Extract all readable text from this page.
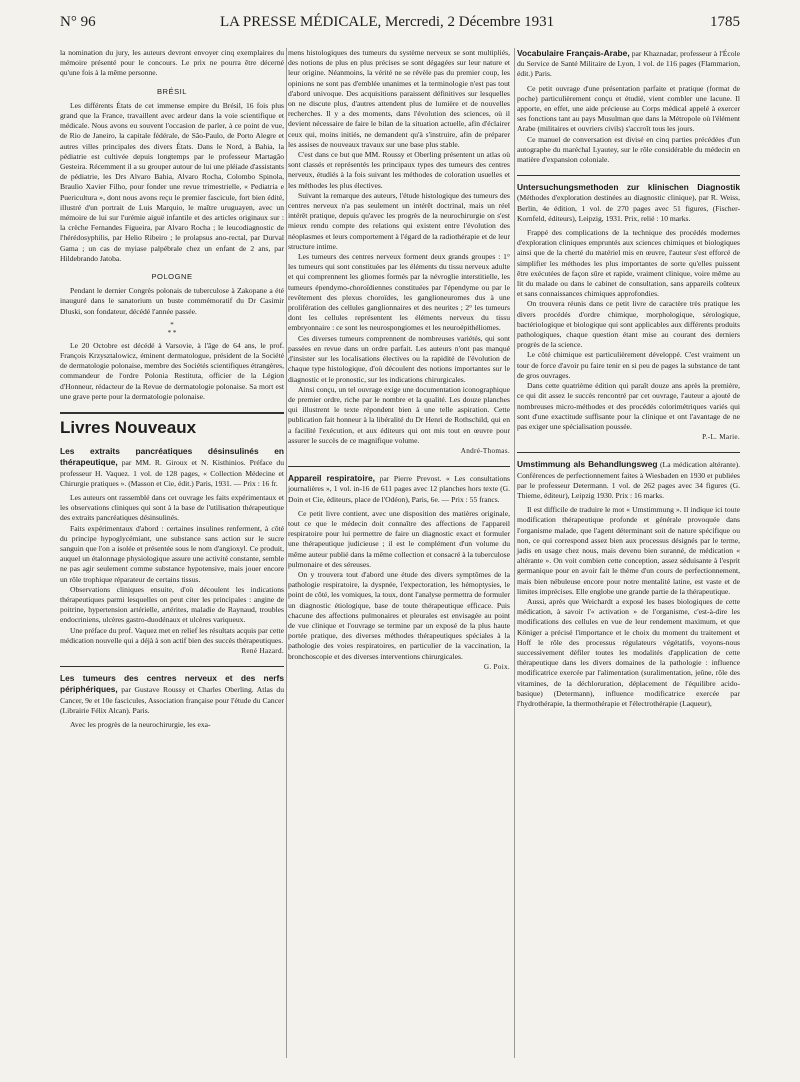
N° 96	LA PRESSE MÉDICALE, Mercredi, 2 Décembre 1931	1785

la nomination du jury, les auteurs devront envoyer cinq exemplaires du mémoire présenté pour le concours. Le prix ne pourra être décerné qu'une fois à la même personne.

BRÉSIL

Les différents États de cet immense empire du Brésil, 16 fois plus grand que la France, travaillent avec ardeur dans la voie scientifique et médicale. Nous avons eu souvent l'occasion de parler, à ce point de vue, de Rio de Janeiro, la capitale fédérale, de São-Paulo, de Porto Alegre et autres villes principales des divers États. Dans le Nord, à Bahia, la pédiatrie est cultivée depuis longtemps par le professeur Martagão Gesteira. Récemment il a su grouper autour de lui une pléiade d'assistants de pédiatrie, les Drs Alvaro Bahia, Alvaro Rocha, Colombo Spinola, Braulio Xavier Filho, pour fonder une revue trimestrielle, « Pediatria e Puericultura », dont nous avons reçu le premier fascicule, fort bien édité, illustré d'un portrait de Luis Marquio, le maître uruguayen, avec un mémoire de lui sur l'urémie aiguë infantile et des articles originaux sur : la crèche Fernandes Figueira, par Alvaro Rocha ; le leucodiagnostic de l'hérédosyphilis, par Helio Ribeiro ; le prolapsus ano-rectal, par Durval Gama ; un cas de myiase palpébrale chez un enfant de 2 ans, par Hildebrando Jatoba.

POLOGNE

Pendant le dernier Congrès polonais de tuberculose à Zakopane a été inauguré dans le sanatorium un buste commémoratif du Dr Casimir Dluski, son fondateur, décédé l'année passée.

*
* *

Le 20 Octobre est décédé à Varsovie, à l'âge de 64 ans, le prof. François Krzysztalowicz, éminent dermatologue, président de la Société de dermatologie polonaise, membre des Sociétés scientifiques étrangères, commandeur de l'ordre Polonia Restituta, officier de la Légion d'Honneur, rédacteur de la Revue de dermatologie polonaise. Sa mort est une grave perte pour la dermatologie polonaise.

Livres Nouveaux

Les extraits pancréatiques désinsulinés en thérapeutique, par MM. R. Giroux et N. Kisthinios. Préface du professeur H. Vaquez. 1 vol. de 128 pages, « Collection Médecine et Chirurgie pratiques ». (Masson et Cie, édit.) Paris, 1931. — Prix : 16 fr.

Les auteurs ont rassemblé dans cet ouvrage les faits expérimentaux et les observations cliniques qui sont à la base de l'utilisation thérapeutique des extraits pancréatiques désinsulinés.

Faits expérimentaux d'abord : certaines insulines renferment, à côté du principe hypoglycémiant, une substance sans action sur le sucre sanguin que l'on a isolée et présentée sous le nom d'angioxyl. Ce produit, auquel un étalonnage physiologique assure une activité constante, semble ne pas agir seulement comme substance hypotensive, mais jouer encore un rôle trophique réparateur de certains tissus.

Observations cliniques ensuite, d'où découlent les indications thérapeutiques parmi lesquelles on peut citer les principales : angine de poitrine, hypertension artérielle, artérites, maladie de Raynaud, troubles endocriniens, ulcères gastro-duodénaux et ulcères variqueux.

Une préface du prof. Vaquez met en relief les résultats acquis par cette médication nouvelle qui a déjà à son actif bien des succès thérapeutiques.

René Hazard.

Les tumeurs des centres nerveux et des nerfs périphériques, par Gustave Roussy et Charles Oberling. Atlas du Cancer, 9e et 10e fascicules, Association française pour l'étude du Cancer (Librairie Félix Alcan). Paris.

Avec les progrès de la neurochirurgie, les exa-

mens histologiques des tumeurs du système nerveux se sont multipliés, des notions de plus en plus précises se sont dégagées sur leur nature et leur origine. Néanmoins, la vérité ne se révèle pas du premier coup, les opinions ne sont pas d'emblée unanimes et la terminologie n'est pas tout d'abord univoque. Des acquisitions paraissent définitives sur lesquelles on ne discute plus, d'autres attendent plus de lumière et de nouvelles recherches. Il y a des moments, dans l'évolution des sciences, où il devient nécessaire de faire le bilan de la situation actuelle, afin d'éclairer ceux qui, moins initiés, ne demandent qu'à s'instruire, afin de préparer les assises de nouveaux travaux sur une base plus stable.

C'est dans ce but que MM. Roussy et Oberling présentent un atlas où sont classés et représentés les principaux types des tumeurs des centres nerveux, étudiés à la fois suivant les méthodes de coloration usuelles et les méthodes les plus électives.

Suivant la remarque des auteurs, l'étude histologique des tumeurs des centres nerveux n'a pas seulement un intérêt doctrinal, mais un réel intérêt pratique, depuis qu'avec les progrès de la neurochirurgie on s'est mieux rendu compte des relations qui existent entre l'évolution des néoplasmes et leurs comportement à l'égard de la radiothérapie et de leur structure intime.

Les tumeurs des centres nerveux forment deux grands groupes : 1° les tumeurs qui sont constituées par les éléments du tissu nerveux adulte et qui comprennent les gliomes formés par la névroglie interstitielle, les tumeurs épendymo-choroïdiennes constituées par l'épendyme ou par le revêtement des plexus choroïdes, les ganglioneuromes dus à une prolifération des cellules ganglionnaires et des neurites ; 2° les tumeurs dont les cellules représentent les éléments nerveux du tissu embryonnaire : ce sont les neurospongiomes et les neuroépithéliomes.

Ces diverses tumeurs comprennent de nombreuses variétés, qui sont passées en revue dans un ordre parfait. Les auteurs n'ont pas manqué d'insister sur les localisations électives ou la rapidité de l'évolution de chaque type histologique, d'où découlent des notions importantes sur le diagnostic et le pronostic, sur les indications chirurgicales.

Ainsi conçu, un tel ouvrage exige une documentation iconographique de premier ordre, riche par le nombre et la qualité. Les douze planches qui illustrent le texte répondent bien à une telle aspiration. Cette publication fait honneur à la libéralité du Dr Henri de Rothschild, qui en a facilité l'exécution, et aux éditeurs qui ont mis tout en œuvre pour assurer le succès de ce magnifique volume.

André-Thomas.

Appareil respiratoire, par Pierre Prevost. « Les consultations journalières », 1 vol. in-16 de 611 pages avec 12 planches hors texte (G. Doin et Cie, éditeurs, place de l'Odéon), Paris, 6e. — Prix : 55 francs.

Ce petit livre contient, avec une disposition des matières originale, tout ce que le médecin doit connaître des affections de l'appareil respiratoire pour lui permettre de faire un diagnostic exact et formuler une thérapeutique judicieuse ; il est le complément d'un volume du même auteur publié dans la même collection et consacré à la tuberculose pulmonaire et des séreuses.

On y trouvera tout d'abord une étude des divers symptômes de la pathologie respiratoire, la dyspnée, l'expectoration, les hémoptysies, le point de côté, les vomiques, la toux, dont l'analyse permettra de formuler un diagnostic étiologique, base de toute thérapeutique efficace. Puis chacune des affections pulmonaires et pleurales est envisagée au point de vue clinique et l'ouvrage se termine par un exposé de la plus haute portée pratique, des diverses méthodes thérapeutiques spéciales à la pathologie des voies respiratoires, en particulier de la vaccination, la bronchoscopie et des diverses interventions chirurgicales.

G. Poix.

Vocabulaire Français-Arabe, par Khaznadar, professeur à l'École du Service de Santé Militaire de Lyon, 1 vol. de 116 pages (Flammarion, édit.) Paris.

Ce petit ouvrage d'une présentation parfaite et pratique (format de poche) particulièrement conçu et étudié, vient combler une lacune. Il apporte, en effet, une aide précieuse au Corps médical appelé à exercer ses fonctions tant au pays Musulman que dans la Métropole où l'élément Arabe (militaires et ouvriers civils) s'accroît tous les jours.

Ce manuel de conversation est divisé en cinq parties précédées d'un autographe du maréchal Lyautey, sur le rôle considérable du médecin en matière d'expansion coloniale.

Untersuchungsmethoden zur klinischen Diagnostik (Méthodes d'exploration destinées au diagnostic clinique), par R. Weiss, Berlin, 4e édition, 1 vol. de 270 pages avec 51 figures, (Fischer-Kornfeld, éditeurs), Leipzig, 1931. Prix, relié : 10 marks.

Frappé des complications de la technique des procédés modernes d'exploration cliniques empruntés aux sciences chimiques et biologiques ainsi que de la cherté du matériel mis en œuvre, l'auteur s'est efforcé de simplifier les méthodes les plus importantes de sorte qu'elles puissent être exécutées de façon sûre et rapide, vraiment clinique, voire même au lit du malade ou dans le cabinet de consultation, sans appareils coûteux et sans connaissances chimiques approfondies.

On trouvera réunis dans ce petit livre de caractère très pratique les divers procédés d'ordre chimique, morphologique, sérologique, bactériologique et biologique qui sont applicables aux différents produits pathologiques, chaque question étant mise au courant des derniers progrès de la science.

Le côté chimique est particulièrement développé. C'est vraiment un tour de force d'avoir pu faire tenir en si peu de pages la substance de tant de gros ouvrages.

Dans cette quatrième édition qui paraît douze ans après la première, ce qui dit assez le succès rencontré par cet ouvrage, l'auteur a ajouté de nombreuses micro-méthodes et des procédés colorimétriques variés qui sont d'une exactitude suffisante pour la clinique et ont l'avantage de ne pas exiger une spécialisation poussée.

P.-L. Marie.

Umstimmung als Behandlungsweg (La médication altérante). Conférences de perfectionnement faites à Wiesbaden en 1930 et publiées par le professeur Determann. 1 vol. de 262 pages avec 34 figures (G. Thieme, éditeur), Leipzig 1930. Prix : 16 marks.

Il est difficile de traduire le mot « Umstimmung ». Il indique ici toute modification thérapeutique profonde et générale provoquée dans l'organisme malade, que l'agent déterminant soit de nature spécifique ou non, ce qui correspond assez bien aux processus désignés par le terme, jadis en usage chez nous, mais devenu bien suranné, de médication « altérante ». On voit combien cette conception, assez séduisante à l'esprit germanique pour en avoir fait le thème d'un cours de perfectionnement, mais bien nébuleuse encore pour notre mentalité latine, est vaste et de limites imprécises. Elle englobe une grande partie de la thérapeutique.

Aussi, après que Weichardt a exposé les bases biologiques de cette médication, à savoir l'« activation » de l'organisme, c'est-à-dire les modifications des cellules en vue de leur rendement maximum, et que Königer a précisé l'importance et le choix du moment du traitement et Hoff le rôle des processus régulateurs végétatifs, voyons-nous successivement défiler toutes les modalités d'application de cette thérapeutique dans les divers domaines de la pathologie : influence modificatrice exercée par l'alimentation (suralimentation, jeûne, rôle des vitamines, de la déchloruration, déplacement de l'équilibre acido-basique) (Determann), influence modificatrice exercée par l'hydrothérapie, la thermothérapie et l'électrothérapie (Laqueur),
